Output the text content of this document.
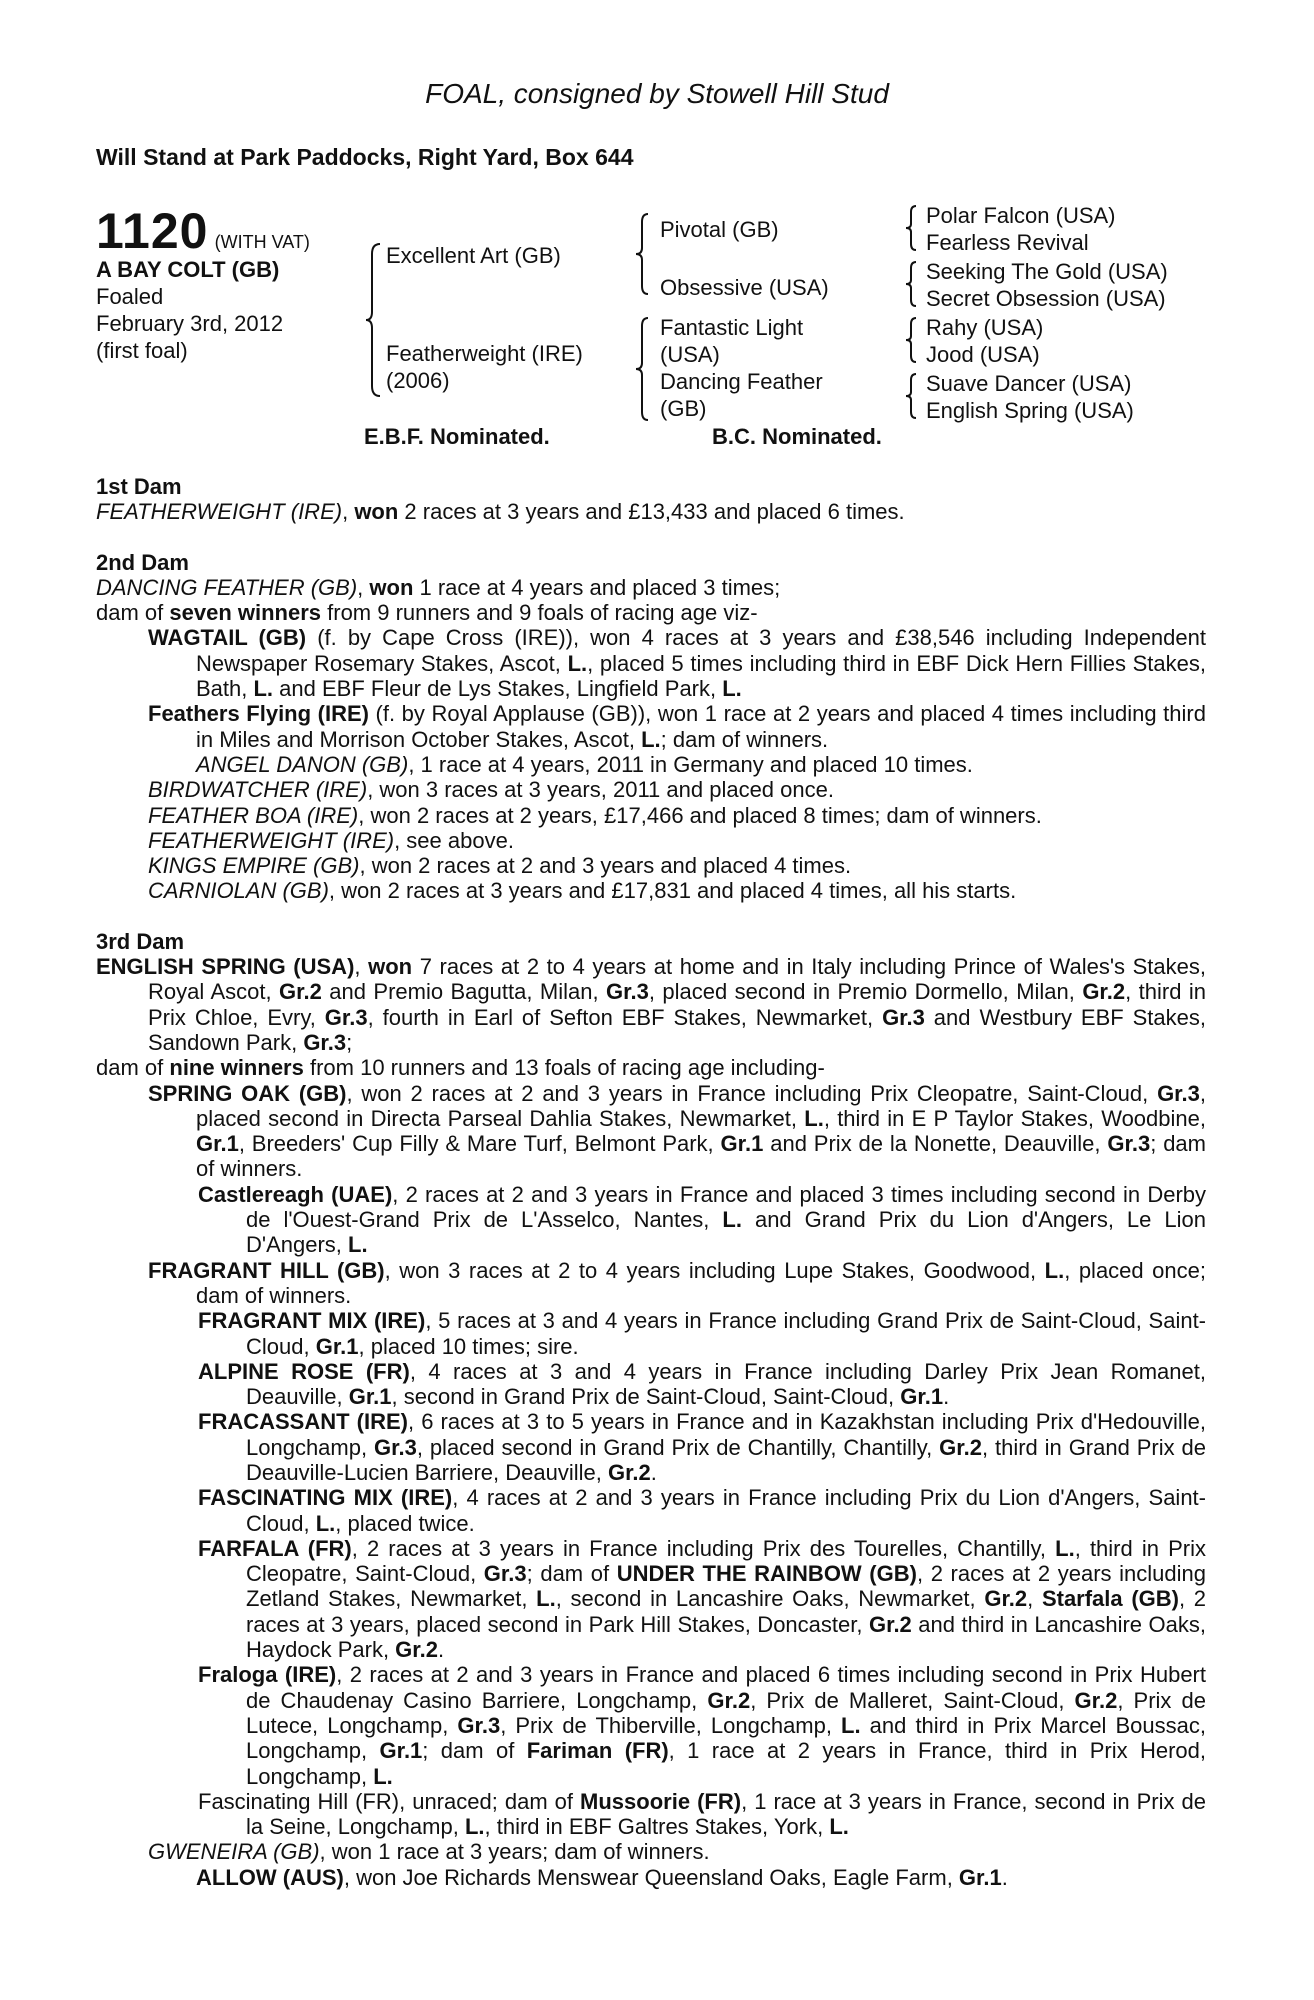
FOAL, consigned by Stowell Hill Stud
Will Stand at Park Paddocks, Right Yard, Box 644
1120 (WITH VAT)
A BAY COLT (GB)
Foaled
February 3rd, 2012
(first foal)
Excellent Art (GB)
Featherweight (IRE)
(2006)
Pivotal (GB)
Obsessive (USA)
Fantastic Light
(USA)
Dancing Feather
(GB)
Polar Falcon (USA)
Fearless Revival
Seeking The Gold (USA)
Secret Obsession (USA)
Rahy (USA)
Jood (USA)
Suave Dancer (USA)
English Spring (USA)
E.B.F. Nominated.	B.C. Nominated.

1st Dam

FEATHERWEIGHT (IRE), won 2 races at 3 years and £13,433 and placed 6 times.

2nd Dam

DANCING FEATHER (GB), won 1 race at 4 years and placed 3 times;

dam of seven winners from 9 runners and 9 foals of racing age viz-

WAGTAIL (GB) (f. by Cape Cross (IRE)), won 4 races at 3 years and £38,546 including Independent Newspaper Rosemary Stakes, Ascot, L., placed 5 times including third in EBF Dick Hern Fillies Stakes, Bath, L. and EBF Fleur de Lys Stakes, Lingfield Park, L.

Feathers Flying (IRE) (f. by Royal Applause (GB)), won 1 race at 2 years and placed 4 times including third in Miles and Morrison October Stakes, Ascot, L.; dam of winners.

ANGEL DANON (GB), 1 race at 4 years, 2011 in Germany and placed 10 times.

BIRDWATCHER (IRE), won 3 races at 3 years, 2011 and placed once.

FEATHER BOA (IRE), won 2 races at 2 years, £17,466 and placed 8 times; dam of winners.

FEATHERWEIGHT (IRE), see above.

KINGS EMPIRE (GB), won 2 races at 2 and 3 years and placed 4 times.

CARNIOLAN (GB), won 2 races at 3 years and £17,831 and placed 4 times, all his starts.

3rd Dam

ENGLISH SPRING (USA), won 7 races at 2 to 4 years at home and in Italy including Prince of Wales's Stakes, Royal Ascot, Gr.2 and Premio Bagutta, Milan, Gr.3, placed second in Premio Dormello, Milan, Gr.2, third in Prix Chloe, Evry, Gr.3, fourth in Earl of Sefton EBF Stakes, Newmarket, Gr.3 and Westbury EBF Stakes, Sandown Park, Gr.3;

dam of nine winners from 10 runners and 13 foals of racing age including-

SPRING OAK (GB), won 2 races at 2 and 3 years in France including Prix Cleopatre, Saint-Cloud, Gr.3, placed second in Directa Parseal Dahlia Stakes, Newmarket, L., third in E P Taylor Stakes, Woodbine, Gr.1, Breeders' Cup Filly & Mare Turf, Belmont Park, Gr.1 and Prix de la Nonette, Deauville, Gr.3; dam of winners.

Castlereagh (UAE), 2 races at 2 and 3 years in France and placed 3 times including second in Derby de l'Ouest-Grand Prix de L'Asselco, Nantes, L. and Grand Prix du Lion d'Angers, Le Lion D'Angers, L.

FRAGRANT HILL (GB), won 3 races at 2 to 4 years including Lupe Stakes, Goodwood, L., placed once; dam of winners.

FRAGRANT MIX (IRE), 5 races at 3 and 4 years in France including Grand Prix de Saint-Cloud, Saint-Cloud, Gr.1, placed 10 times; sire.

ALPINE ROSE (FR), 4 races at 3 and 4 years in France including Darley Prix Jean Romanet, Deauville, Gr.1, second in Grand Prix de Saint-Cloud, Saint-Cloud, Gr.1.

FRACASSANT (IRE), 6 races at 3 to 5 years in France and in Kazakhstan including Prix d'Hedouville, Longchamp, Gr.3, placed second in Grand Prix de Chantilly, Chantilly, Gr.2, third in Grand Prix de Deauville-Lucien Barriere, Deauville, Gr.2.

FASCINATING MIX (IRE), 4 races at 2 and 3 years in France including Prix du Lion d'Angers, Saint-Cloud, L., placed twice.

FARFALA (FR), 2 races at 3 years in France including Prix des Tourelles, Chantilly, L., third in Prix Cleopatre, Saint-Cloud, Gr.3; dam of UNDER THE RAINBOW (GB), 2 races at 2 years including Zetland Stakes, Newmarket, L., second in Lancashire Oaks, Newmarket, Gr.2, Starfala (GB), 2 races at 3 years, placed second in Park Hill Stakes, Doncaster, Gr.2 and third in Lancashire Oaks, Haydock Park, Gr.2.

Fraloga (IRE), 2 races at 2 and 3 years in France and placed 6 times including second in Prix Hubert de Chaudenay Casino Barriere, Longchamp, Gr.2, Prix de Malleret, Saint-Cloud, Gr.2, Prix de Lutece, Longchamp, Gr.3, Prix de Thiberville, Longchamp, L. and third in Prix Marcel Boussac, Longchamp, Gr.1; dam of Fariman (FR), 1 race at 2 years in France, third in Prix Herod, Longchamp, L.

Fascinating Hill (FR), unraced; dam of Mussoorie (FR), 1 race at 3 years in France, second in Prix de la Seine, Longchamp, L., third in EBF Galtres Stakes, York, L.

GWENEIRA (GB), won 1 race at 3 years; dam of winners.

ALLOW (AUS), won Joe Richards Menswear Queensland Oaks, Eagle Farm, Gr.1.
